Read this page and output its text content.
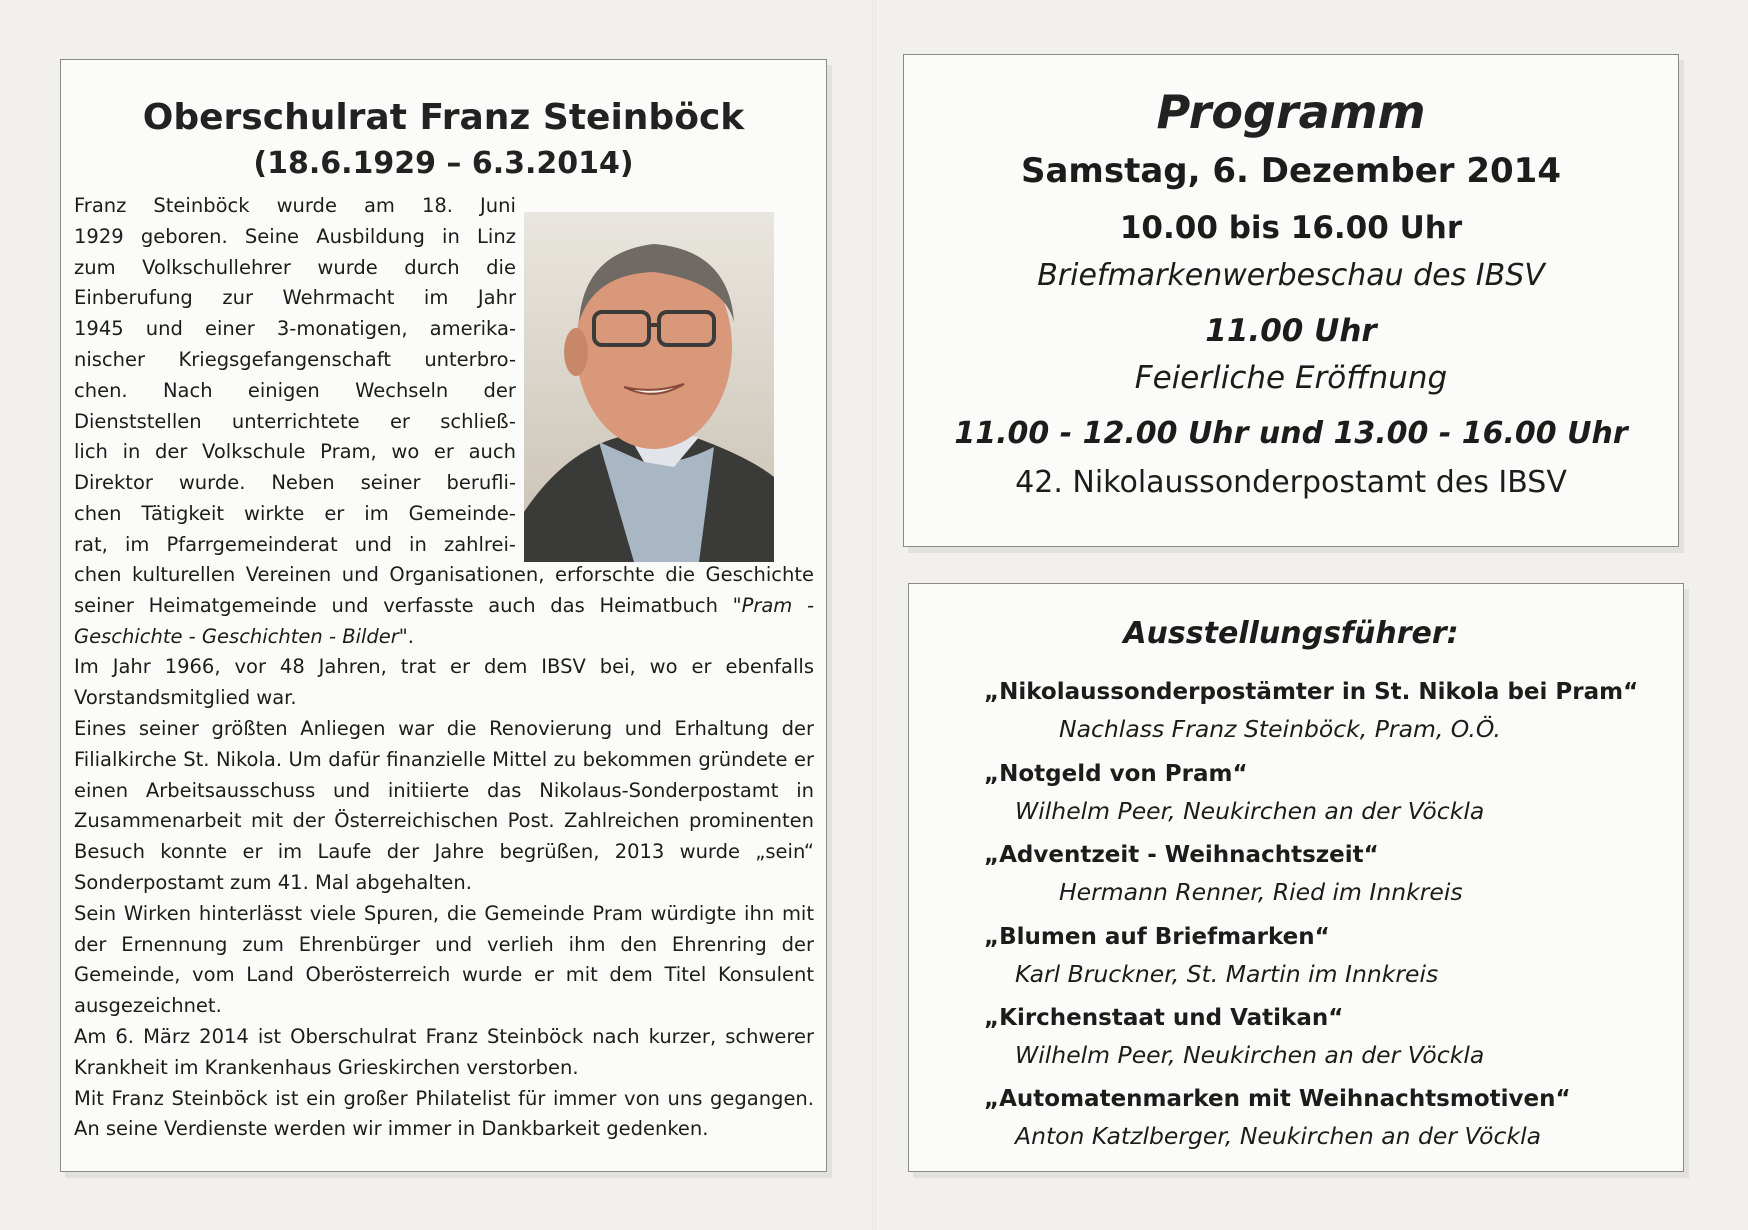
Oberschulrat Franz Steinböck
(18.6.1929 – 6.3.2014)
Franz Steinböck wurde am 18. Juni
1929 geboren. Seine Ausbildung in Linz
zum Volkschullehrer wurde durch die
Einberufung zur Wehrmacht im Jahr
1945 und einer 3-monatigen, amerika-
nischer Kriegsgefangenschaft unterbro-
chen. Nach einigen Wechseln der
Dienststellen unterrichtete er schließ-
lich in der Volkschule Pram, wo er auch
Direktor wurde. Neben seiner berufli-
chen Tätigkeit wirkte er im Gemeinde-
rat, im Pfarrgemeinderat und in zahlrei-

chen kulturellen Vereinen und Organisationen, erforschte die Geschichte seiner Heimatgemeinde und verfasste auch das Heimatbuch "Pram - Geschichte - Geschichten - Bilder".

Im Jahr 1966, vor 48 Jahren, trat er dem IBSV bei, wo er ebenfalls Vorstandsmitglied war.

Eines seiner größten Anliegen war die Renovierung und Erhaltung der Filialkirche St. Nikola. Um dafür finanzielle Mittel zu bekommen gründete er einen Arbeitsausschuss und initiierte das Nikolaus-Sonderpostamt in Zusammenarbeit mit der Österreichischen Post. Zahlreichen prominenten Besuch konnte er im Laufe der Jahre begrüßen, 2013 wurde „sein“ Sonderpostamt zum 41. Mal abgehalten.

Sein Wirken hinterlässt viele Spuren, die Gemeinde Pram würdigte ihn mit der Ernennung zum Ehrenbürger und verlieh ihm den Ehrenring der Gemeinde, vom Land Oberösterreich wurde er mit dem Titel Konsulent ausgezeichnet.

Am 6. März 2014 ist Oberschulrat Franz Steinböck nach kurzer, schwerer Krankheit im Krankenhaus Grieskirchen verstorben.

Mit Franz Steinböck ist ein großer Philatelist für immer von uns gegangen. An seine Verdienste werden wir immer in Dankbarkeit gedenken.

Programm
Samstag, 6. Dezember 2014
10.00 bis 16.00 Uhr
Briefmarkenwerbeschau des IBSV
11.00 Uhr
Feierliche Eröffnung
11.00 - 12.00 Uhr und 13.00 - 16.00 Uhr
42. Nikolaussonderpostamt des IBSV
Ausstellungsführer:
„Nikolaussonderpostämter in St. Nikola bei Pram“
Nachlass Franz Steinböck, Pram, O.Ö.
„Notgeld von Pram“
Wilhelm Peer, Neukirchen an der Vöckla
„Adventzeit - Weihnachtszeit“
Hermann Renner, Ried im Innkreis
„Blumen auf Briefmarken“
Karl Bruckner, St. Martin im Innkreis
„Kirchenstaat und Vatikan“
Wilhelm Peer, Neukirchen an der Vöckla
„Automatenmarken mit Weihnachtsmotiven“
Anton Katzlberger, Neukirchen an der Vöckla
